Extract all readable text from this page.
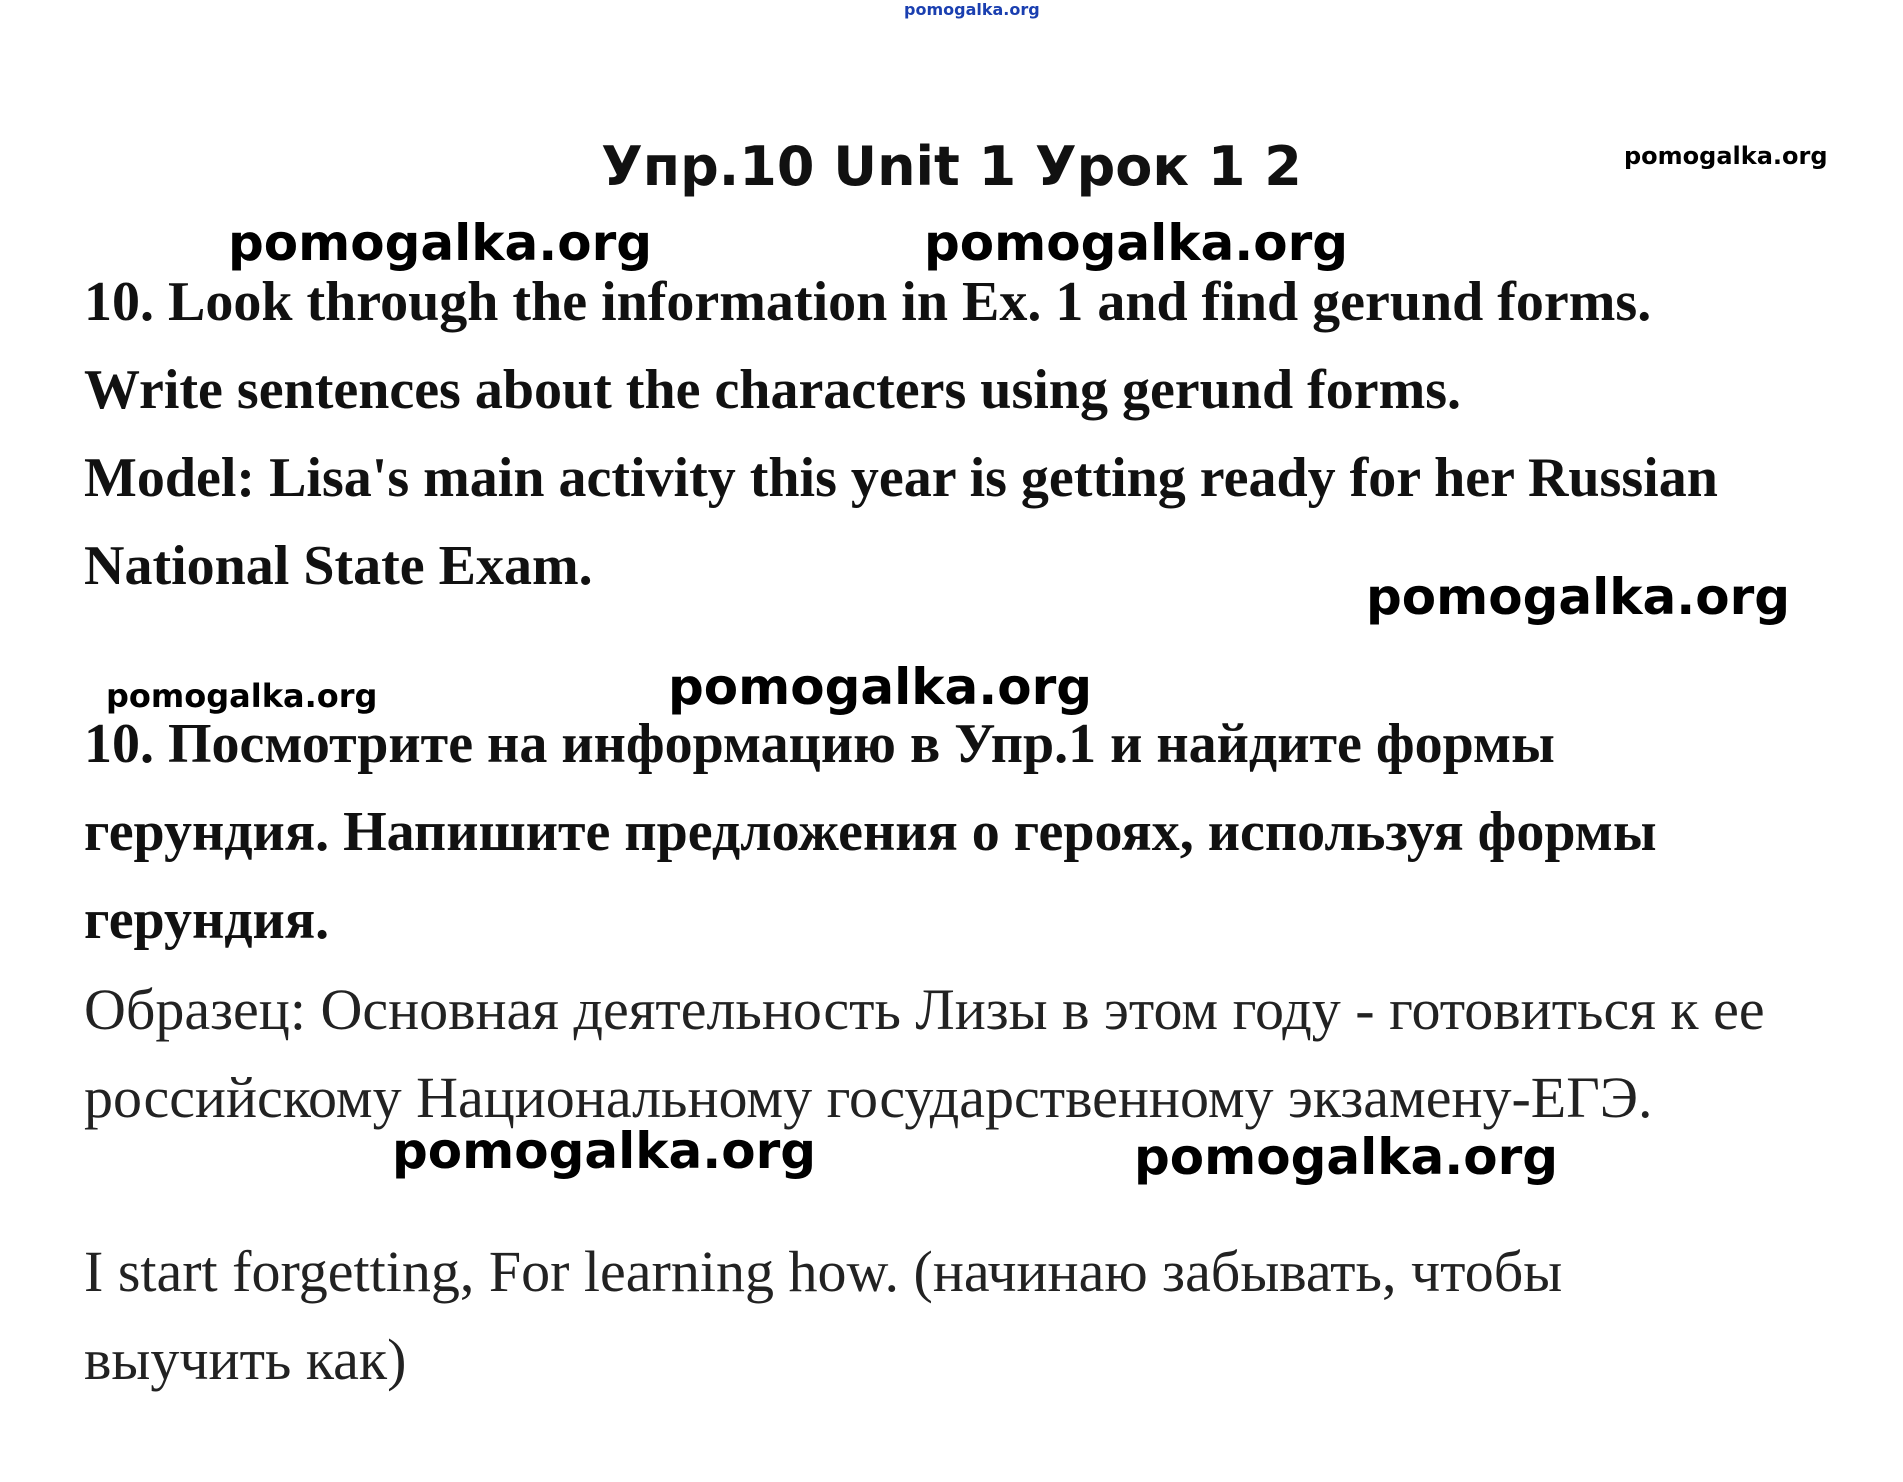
pomogalka.org
pomogalka.org
pomogalka.org	pomogalka.org
pomogalka.org
pomogalka.org	pomogalka.org
pomogalka.org	pomogalka.org
Упр.10 Unit 1 Урок 1 2
10. Look through the information in Ex. 1 and find gerund forms.
Write sentences about the characters using gerund forms.
Model: Lisa's main activity this year is getting ready for her Russian
National State Exam.
10. Посмотрите на информацию в Упр.1 и найдите формы
герундия. Напишите предложения о героях, используя формы
герундия.
Образец: Основная деятельность Лизы в этом году - готовиться к ее
российскому Национальному государственному экзамену-ЕГЭ.
I start forgetting, For learning how. (начинаю забывать, чтобы
выучить как)
